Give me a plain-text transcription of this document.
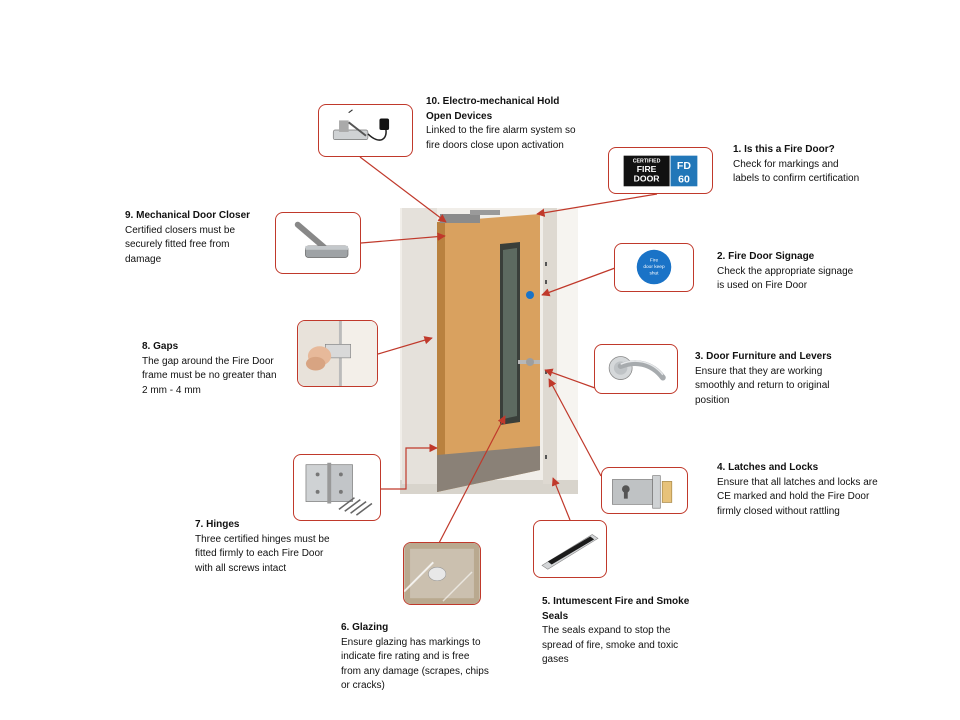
CERTIFIED
FIRE
DOOR
FD
60
Fire
door keep
shut
10. Electro-mechanical Hold Open Devices
Linked to the fire alarm system so fire doors close upon activation	1. Is this a Fire Door?
Check for markings and labels to confirm certification
9. Mechanical Door Closer
Certified closers must be securely fitted free from damage	2. Fire Door Signage
Check the appropriate signage is used on Fire Door
8. Gaps
The gap around the Fire Door frame must be no greater than 2 mm - 4 mm
3. Door Furniture and Levers
Ensure that they are working smoothly and return to original position
4. Latches and Locks
Ensure that all latches and locks are CE marked and hold the Fire Door firmly closed without rattling
7. Hinges
Three certified hinges must be fitted firmly to each Fire Door with all screws intact
5. Intumescent Fire and Smoke Seals
The seals expand to stop the spread of fire, smoke and toxic gases
6. Glazing
Ensure glazing has markings to indicate fire rating and is free from any damage (scrapes, chips or cracks)
